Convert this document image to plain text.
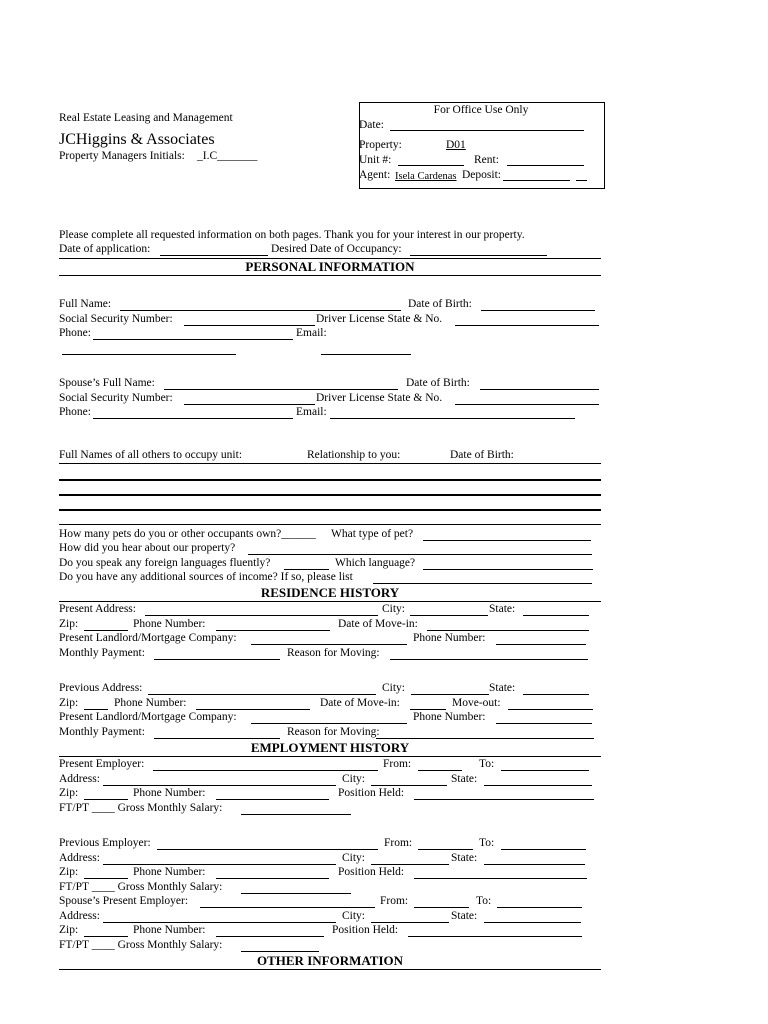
Real Estate Leasing and Management
JCHiggins & Associates
Property Managers Initials: _I.C_______
For Office Use Only
Date:
Property:	D01
Unit #:	Rent:
Agent: Isela Cardenas Deposit:
Please complete all requested information on both pages. Thank you for your interest in our property.
Date of application:	Desired Date of Occupancy:
PERSONAL INFORMATION
Full Name:	Date of Birth:
Social Security Number:	Driver License State & No.
Phone:	Email:
Spouse’s Full Name:	Date of Birth:
Social Security Number:	Driver License State & No.
Phone:	Email:
Full Names of all others to occupy unit:	Relationship to you:	Date of Birth:
How many pets do you or other occupants own?______ What type of pet?
How did you hear about our property?
Do you speak any foreign languages fluently?	Which language?
Do you have any additional sources of income? If so, please list
RESIDENCE HISTORY
Present Address:	City:	State:
Zip:	Phone Number:	Date of Move-in:
Present Landlord/Mortgage Company:	Phone Number:
Monthly Payment:	Reason for Moving:
Previous Address:	City:	State:
Zip:	Phone Number:	Date of Move-in:	Move-out:
Present Landlord/Mortgage Company:	Phone Number:
Monthly Payment:	Reason for Moving:
EMPLOYMENT HISTORY
Present Employer:	From:	To:
Address:	City:	State:
Zip:	Phone Number:	Position Held:
FT/PT ____ Gross Monthly Salary:
Previous Employer:	From:	To:
Address:	City:	State:
Zip:	Phone Number:	Position Held:
FT/PT ____ Gross Monthly Salary:
Spouse’s Present Employer:	From:	To:
Address:	City:	State:
Zip:	Phone Number:	Position Held:
FT/PT ____ Gross Monthly Salary:
OTHER INFORMATION
